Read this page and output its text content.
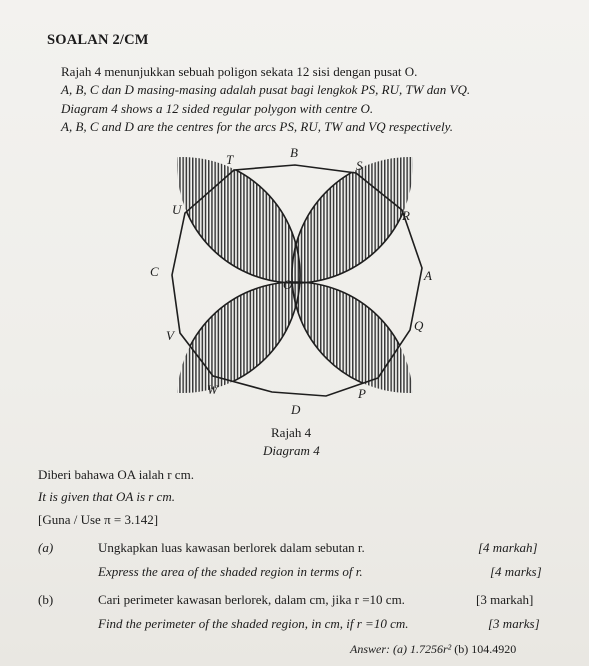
SOALAN 2/CM
Rajah 4 menunjukkan sebuah poligon sekata 12 sisi dengan pusat O.
A, B, C dan D masing-masing adalah pusat bagi lengkok PS, RU, TW dan VQ.
Diagram 4 shows a 12 sided regular polygon with centre O.
A, B, C and D are the centres for the arcs PS, RU, TW and VQ respectively.
B
T	S
U	R
C	A
O
V
Q
W	P
D
Rajah 4
Diagram 4
Diberi bahawa OA ialah r cm.
It is given that OA is r cm.
[Guna / Use π = 3.142]
(a)	Ungkapkan luas kawasan berlorek dalam sebutan r.	[4 markah]
Express the area of the shaded region in terms of r.	[4 marks]
(b)	Cari perimeter kawasan berlorek, dalam cm, jika r =10 cm.	[3 markah]
Find the perimeter of the shaded region, in cm, if r =10 cm.	[3 marks]
Answer: (a) 1.7256r² (b) 104.4920
